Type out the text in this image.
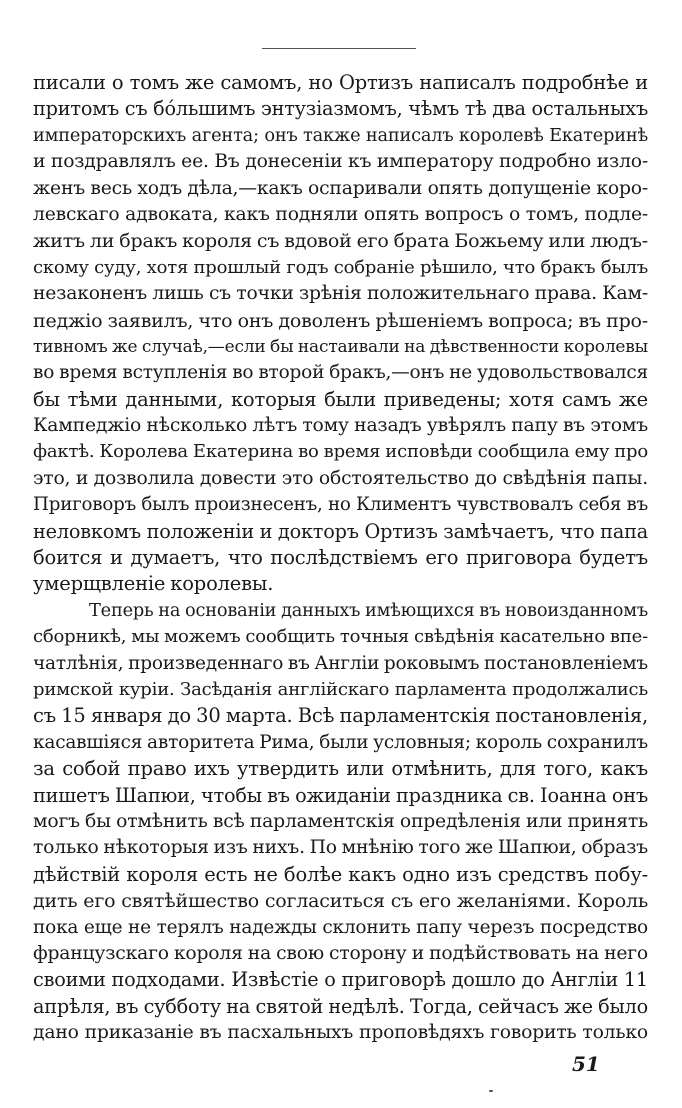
писали о томъ же самомъ, но Ортизъ написалъ подробнѣе и
притомъ съ бо́льшимъ энтузiазмомъ, чѣмъ тѣ два остальныхъ
императорскихъ агента; онъ также написалъ королевѣ Екатеринѣ
и поздравлялъ ее. Въ донесенiи къ императору подробно изло-
женъ весь ходъ дѣла,—какъ оспаривали опять допущенiе коро-
левскаго адвоката, какъ подняли опять вопросъ о томъ, подле-
житъ ли бракъ короля съ вдовой его брата Божьему или людъ-
скому суду, хотя прошлый годъ собранiе рѣшило, что бракъ былъ
незаконенъ лишь съ точки зрѣнiя положительнаго права. Кам-
педжiо заявилъ, что онъ доволенъ рѣшенiемъ вопроса; въ про-
тивномъ же случаѣ,—если бы настаивали на дѣвственности королевы
во время вступленiя во второй бракъ,—онъ не удовольствовался
бы тѣми данными, которыя были приведены; хотя самъ же
Кампеджiо нѣсколько лѣтъ тому назадъ увѣрялъ папу въ этомъ
фактѣ. Королева Екатерина во время исповѣди сообщила ему про
это, и дозволила довести это обстоятельство до свѣдѣнiя папы.
Приговоръ былъ произнесенъ, но Климентъ чувствовалъ себя въ
неловкомъ положенiи и докторъ Ортизъ замѣчаетъ, что папа
боится и думаетъ, что послѣдствiемъ его приговора будетъ
умерщвленiе королевы.
Теперь на основанiи данныхъ имѣющихся въ новоизданномъ
сборникѣ, мы можемъ сообщить точныя свѣдѣнiя касательно впе-
чатлѣнiя, произведеннаго въ Англiи роковымъ постановленiемъ
римской курiи. Засѣданiя англiйскаго парламента продолжались
съ 15 января до 30 марта. Всѣ парламентскiя постановленiя,
касавшiяся авторитета Рима, были условныя; король сохранилъ
за собой право ихъ утвердить или отмѣнить, для того, какъ
пишетъ Шапюи, чтобы въ ожиданiи праздника св. Iоанна онъ
могъ бы отмѣнить всѣ парламентскiя опредѣленiя или принять
только нѣкоторыя изъ нихъ. По мнѣнiю того же Шапюи, образъ
дѣйствiй короля есть не болѣе какъ одно изъ средствъ побу-
дить его святѣйшество согласиться съ его желанiями. Король
пока еще не терялъ надежды склонить папу черезъ посредство
французскаго короля на свою сторону и подѣйствовать на него
своими подходами. Извѣстiе о приговорѣ дошло до Англiи 11
апрѣля, въ субботу на святой недѣлѣ. Тогда, сейчасъ же было
дано приказанiе въ пасхальныхъ проповѣдяхъ говорить только
51
